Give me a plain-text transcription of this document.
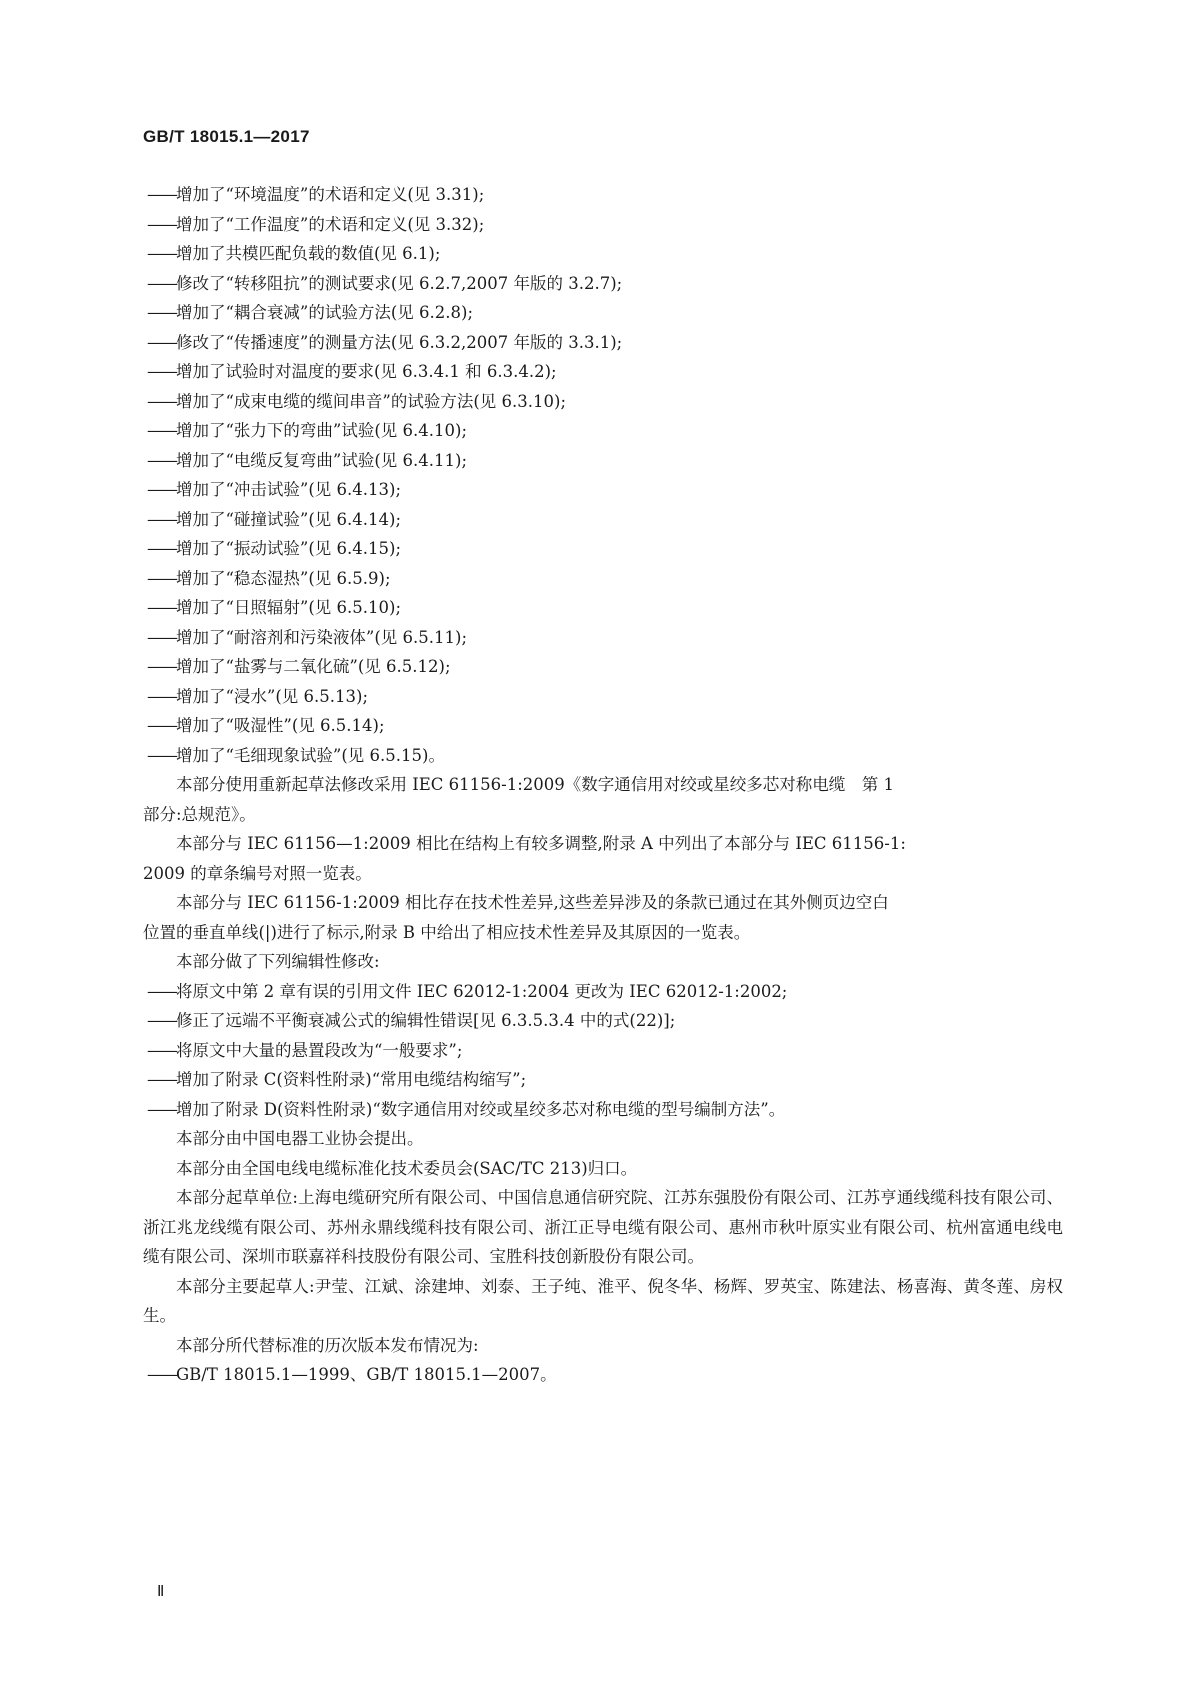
GB/T 18015.1—2017

——增加了“环境温度”的术语和定义(见 3.31);

——增加了“工作温度”的术语和定义(见 3.32);

——增加了共模匹配负载的数值(见 6.1);

——修改了“转移阻抗”的测试要求(见 6.2.7,2007 年版的 3.2.7);

——增加了“耦合衰减”的试验方法(见 6.2.8);

——修改了“传播速度”的测量方法(见 6.3.2,2007 年版的 3.3.1);

——增加了试验时对温度的要求(见 6.3.4.1 和 6.3.4.2);

——增加了“成束电缆的缆间串音”的试验方法(见 6.3.10);

——增加了“张力下的弯曲”试验(见 6.4.10);

——增加了“电缆反复弯曲”试验(见 6.4.11);

——增加了“冲击试验”(见 6.4.13);

——增加了“碰撞试验”(见 6.4.14);

——增加了“振动试验”(见 6.4.15);

——增加了“稳态湿热”(见 6.5.9);

——增加了“日照辐射”(见 6.5.10);

——增加了“耐溶剂和污染液体”(见 6.5.11);

——增加了“盐雾与二氧化硫”(见 6.5.12);

——增加了“浸水”(见 6.5.13);

——增加了“吸湿性”(见 6.5.14);

——增加了“毛细现象试验”(见 6.5.15)。

本部分使用重新起草法修改采用 IEC 61156-1:2009《数字通信用对绞或星绞多芯对称电缆　第 1

部分:总规范》。

本部分与 IEC 61156—1:2009 相比在结构上有较多调整,附录 A 中列出了本部分与 IEC 61156-1:

2009 的章条编号对照一览表。

本部分与 IEC 61156-1:2009 相比存在技术性差异,这些差异涉及的条款已通过在其外侧页边空白

位置的垂直单线(|)进行了标示,附录 B 中给出了相应技术性差异及其原因的一览表。

本部分做了下列编辑性修改:

——将原文中第 2 章有误的引用文件 IEC 62012-1:2004 更改为 IEC 62012-1:2002;

——修正了远端不平衡衰减公式的编辑性错误[见 6.3.5.3.4 中的式(22)];

——将原文中大量的悬置段改为“一般要求”;

——增加了附录 C(资料性附录)“常用电缆结构缩写”;

——增加了附录 D(资料性附录)“数字通信用对绞或星绞多芯对称电缆的型号编制方法”。

本部分由中国电器工业协会提出。

本部分由全国电线电缆标准化技术委员会(SAC/TC 213)归口。

本部分起草单位:上海电缆研究所有限公司、中国信息通信研究院、江苏东强股份有限公司、江苏亨通线缆科技有限公司、浙江兆龙线缆有限公司、苏州永鼎线缆科技有限公司、浙江正导电缆有限公司、惠州市秋叶原实业有限公司、杭州富通电线电缆有限公司、深圳市联嘉祥科技股份有限公司、宝胜科技创新股份有限公司。

本部分主要起草人:尹莹、江斌、涂建坤、刘泰、王子纯、淮平、倪冬华、杨辉、罗英宝、陈建法、杨喜海、黄冬莲、房权生。

本部分所代替标准的历次版本发布情况为:

——GB/T 18015.1—1999、GB/T 18015.1—2007。

Ⅱ
